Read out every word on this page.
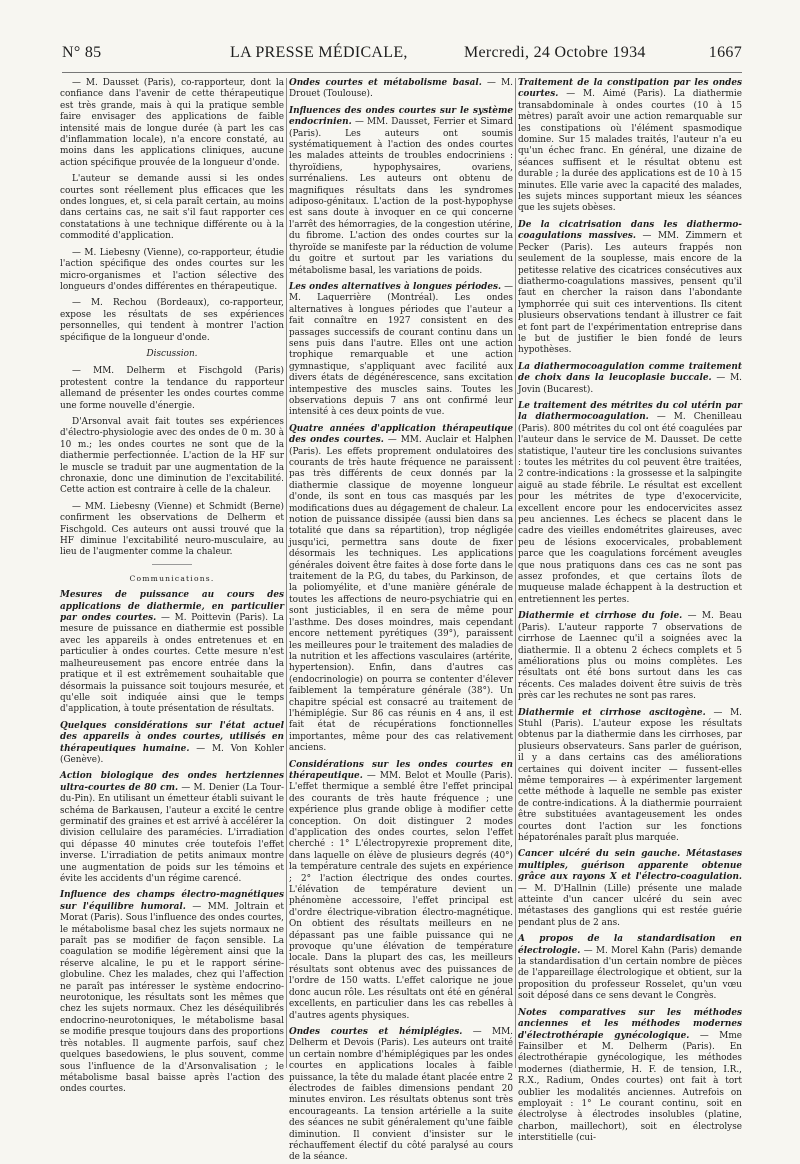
N° 85	LA PRESSE MÉDICALE,	Mercredi, 24 Octobre 1934	1667

— M. Dausset (Paris), co-rapporteur, dont la confiance dans l'avenir de cette thérapeutique est très grande, mais à qui la pratique semble faire envisager des applications de faible intensité mais de longue durée (à part les cas d'inflammation locale), n'a encore constaté, au moins dans les applications cliniques, aucune action spécifique prouvée de la longueur d'onde.

L'auteur se demande aussi si les ondes courtes sont réellement plus efficaces que les ondes longues, et, si cela paraît certain, au moins dans certains cas, ne sait s'il faut rapporter ces constatations à une technique différente ou à la commodité d'application.

— M. Liebesny (Vienne), co-rapporteur, étudie l'action spécifique des ondes courtes sur les micro-organismes et l'action sélective des longueurs d'ondes différentes en thérapeutique.

— M. Rechou (Bordeaux), co-rapporteur, expose les résultats de ses expériences personnelles, qui tendent à montrer l'action spécifique de la longueur d'onde.

Discussion.

— MM. Delherm et Fischgold (Paris) protestent contre la tendance du rapporteur allemand de présenter les ondes courtes comme une forme nouvelle d'énergie.

D'Arsonval avait fait toutes ses expériences d'électro-physiologie avec des ondes de 0 m. 30 à 10 m.; les ondes courtes ne sont que de la diathermie perfectionnée. L'action de la HF sur le muscle se traduit par une augmentation de la chronaxie, donc une diminution de l'excitabilité. Cette action est contraire à celle de la chaleur.

— MM. Liebesny (Vienne) et Schmidt (Berne) confirment les observations de Delherm et Fischgold. Ces auteurs ont aussi trouvé que la HF diminue l'excitabilité neuro-musculaire, au lieu de l'augmenter comme la chaleur.

Communications.

Mesures de puissance au cours des applications de diathermie, en particulier par ondes courtes. — M. Poittevin (Paris). La mesure de puissance en diathermie est possible avec les appareils à ondes entretenues et en particulier à ondes courtes. Cette mesure n'est malheureusement pas encore entrée dans la pratique et il est extrêmement souhaitable que désormais la puissance soit toujours mesurée, et qu'elle soit indiquée ainsi que le temps d'application, à toute présentation de résultats.

Quelques considérations sur l'état actuel des appareils à ondes courtes, utilisés en thérapeutiques humaine. — M. Von Kohler (Genève).

Action biologique des ondes hertziennes ultra-courtes de 80 cm. — M. Denier (La Tour-du-Pin). En utilisant un émetteur établi suivant le schéma de Barkausen, l'auteur a excité le centre germinatif des graines et est arrivé à accélérer la division cellulaire des paramécies. L'irradiation qui dépasse 40 minutes crée toutefois l'effet inverse. L'irradiation de petits animaux montre une augmentation de poids sur les témoins et évite les accidents d'un régime carencé.

Influence des champs électro-magnétiques sur l'équilibre humoral. — MM. Joltrain et Morat (Paris). Sous l'influence des ondes courtes, le métabolisme basal chez les sujets normaux ne paraît pas se modifier de façon sensible. La coagulation se modifie légèrement ainsi que la réserve alcaline, le pu et le rapport sérine-globuline. Chez les malades, chez qui l'affection ne paraît pas intéresser le système endocrino-neurotonique, les résultats sont les mêmes que chez les sujets normaux. Chez les déséquilibrés endocrino-neurotoniques, le métabolisme basal se modifie presque toujours dans des proportions très notables. Il augmente parfois, sauf chez quelques basedowiens, le plus souvent, comme sous l'influence de la d'Arsonvalisation ; le métabolisme basal baisse après l'action des ondes courtes.

Ondes courtes et métabolisme basal. — M. Drouet (Toulouse).

Influences des ondes courtes sur le système endocrinien. — MM. Dausset, Ferrier et Simard (Paris). Les auteurs ont soumis systématiquement à l'action des ondes courtes les malades atteints de troubles endocriniens : thyroïdiens, hypophysaires, ovariens, surrénaliens. Les auteurs ont obtenu de magnifiques résultats dans les syndromes adiposo-génitaux. L'action de la post-hypophyse est sans doute à invoquer en ce qui concerne l'arrêt des hémorragies, de la congestion utérine, du fibrome. L'action des ondes courtes sur la thyroïde se manifeste par la réduction de volume du goitre et surtout par les variations du métabolisme basal, les variations de poids.

Les ondes alternatives à longues périodes. — M. Laquerrière (Montréal). Les ondes alternatives à longues périodes que l'auteur a fait connaître en 1927 consistent en des passages successifs de courant continu dans un sens puis dans l'autre. Elles ont une action trophique remarquable et une action gymnastique, s'appliquant avec facilité aux divers états de dégénérescence, sans excitation intempestive des muscles sains. Toutes les observations depuis 7 ans ont confirmé leur intensité à ces deux points de vue.

Quatre années d'application thérapeutique des ondes courtes. — MM. Auclair et Halphen (Paris). Les effets proprement ondulatoires des courants de très haute fréquence ne paraissent pas très différents de ceux donnés par la diathermie classique de moyenne longueur d'onde, ils sont en tous cas masqués par les modifications dues au dégagement de chaleur. La notion de puissance dissipée (aussi bien dans sa totalité que dans sa répartition), trop négligée jusqu'ici, permettra sans doute de fixer désormais les techniques. Les applications générales doivent être faites à dose forte dans le traitement de la P.G, du tabes, du Parkinson, de la poliomyélite, et d'une manière générale de toutes les affections de neuro-psychiatrie qui en sont justiciables, il en sera de même pour l'asthme. Des doses moindres, mais cependant encore nettement pyrétiques (39°), paraissent les meilleures pour le traitement des maladies de la nutrition et les affections vasculaires (artérite, hypertension). Enfin, dans d'autres cas (endocrinologie) on pourra se contenter d'élever faiblement la température générale (38°). Un chapitre spécial est consacré au traitement de l'hémiplégie. Sur 86 cas réunis en 4 ans, il est fait état de récupérations fonctionnelles importantes, même pour des cas relativement anciens.

Considérations sur les ondes courtes en thérapeutique. — MM. Belot et Moulle (Paris). L'effet thermique a semblé être l'effet principal des courants de très haute fréquence ; une expérience plus grande oblige à modifier cette conception. On doit distinguer 2 modes d'application des ondes courtes, selon l'effet cherché : 1° L'électropyrexie proprement dite, dans laquelle on élève de plusieurs degrés (40°) la température centrale des sujets en expérience ; 2° l'action électrique des ondes courtes. L'élévation de température devient un phénomène accessoire, l'effet principal est d'ordre électrique-vibration électro-magnétique. On obtient des résultats meilleurs en ne dépassant pas une faible puissance qui ne provoque qu'une élévation de température locale. Dans la plupart des cas, les meilleurs résultats sont obtenus avec des puissances de l'ordre de 150 watts. L'effet calorique ne joue donc aucun rôle. Les résultats ont été en général excellents, en particulier dans les cas rebelles à d'autres agents physiques.

Ondes courtes et hémiplégies. — MM. Delherm et Devois (Paris). Les auteurs ont traité un certain nombre d'hémiplégiques par les ondes courtes en applications locales à faible puissance, la tête du malade étant placée entre 2 électrodes de faibles dimensions pendant 20 minutes environ. Les résultats obtenus sont très encourageants. La tension artérielle a la suite des séances ne subit généralement qu'une faible diminution. Il convient d'insister sur le réchauffement électif du côté paralysé au cours de la séance.

Traitement de la constipation par les ondes courtes. — M. Aimé (Paris). La diathermie transabdominale à ondes courtes (10 à 15 mètres) paraît avoir une action remarquable sur les constipations où l'élément spasmodique domine. Sur 15 malades traités, l'auteur n'a eu qu'un échec franc. En général, une dizaine de séances suffisent et le résultat obtenu est durable ; la durée des applications est de 10 à 15 minutes. Elle varie avec la capacité des malades, les sujets minces supportant mieux les séances que les sujets obèses.

De la cicatrisation dans les diathermo-coagulations massives. — MM. Zimmern et Pecker (Paris). Les auteurs frappés non seulement de la souplesse, mais encore de la petitesse relative des cicatrices consécutives aux diathermo-coagulations massives, pensent qu'il faut en chercher la raison dans l'abondante lymphorrée qui suit ces interventions. Ils citent plusieurs observations tendant à illustrer ce fait et font part de l'expérimentation entreprise dans le but de justifier le bien fondé de leurs hypothèses.

La diathermocoagulation comme traitement de choix dans la leucoplasie buccale. — M. Jovin (Bucarest).

Le traitement des métrites du col utérin par la diathermocoagulation. — M. Chenilleau (Paris). 800 métrites du col ont été coagulées par l'auteur dans le service de M. Dausset. De cette statistique, l'auteur tire les conclusions suivantes : toutes les métrites du col peuvent être traitées, 2 contre-indications : la grossesse et la salpingite aiguë au stade fébrile. Le résultat est excellent pour les métrites de type d'exocervicite, excellent encore pour les endocervicites assez peu anciennes. Les échecs se placent dans le cadre des vieilles endométrites glaireuses, avec peu de lésions exocervicales, probablement parce que les coagulations forcément aveugles que nous pratiquons dans ces cas ne sont pas assez profondes, et que certains îlots de muqueuse malade échappent à la destruction et entretiennent les pertes.

Diathermie et cirrhose du foie. — M. Beau (Paris). L'auteur rapporte 7 observations de cirrhose de Laennec qu'il a soignées avec la diathermie. Il a obtenu 2 échecs complets et 5 améliorations plus ou moins complètes. Les résultats ont été bons surtout dans les cas récents. Ces malades doivent être suivis de très près car les rechutes ne sont pas rares.

Diathermie et cirrhose ascitogène. — M. Stuhl (Paris). L'auteur expose les résultats obtenus par la diathermie dans les cirrhoses, par plusieurs observateurs. Sans parler de guérison, il y a dans certains cas des améliorations certaines qui doivent inciter — fussent-elles même temporaires — à expérimenter largement cette méthode à laquelle ne semble pas exister de contre-indications. À la diathermie pourraient être substituées avantageusement les ondes courtes dont l'action sur les fonctions hépatorénales paraît plus marquée.

Cancer ulcéré du sein gauche. Métastases multiples, guérison apparente obtenue grâce aux rayons X et l'électro-coagulation. — M. D'Hallnin (Lille) présente une malade atteinte d'un cancer ulcéré du sein avec métastases des ganglions qui est restée guérie pendant plus de 2 ans.

A propos de la standardisation en électrologie. — M. Morel Kahn (Paris) demande la standardisation d'un certain nombre de pièces de l'appareillage électrologique et obtient, sur la proposition du professeur Rosselet, qu'un vœu soit déposé dans ce sens devant le Congrès.

Notes comparatives sur les méthodes anciennes et les méthodes modernes d'électrothérapie gynécologique. — Mme Fainsilber et M. Delherm (Paris). En électrothérapie gynécologique, les méthodes modernes (diathermie, H. F. de tension, I.R., R.X., Radium, Ondes courtes) ont fait à tort oublier les modalités anciennes. Autrefois on employait : 1° Le courant continu, soit en électrolyse à électrodes insolubles (platine, charbon, maillechort), soit en électrolyse interstitielle (cui-
